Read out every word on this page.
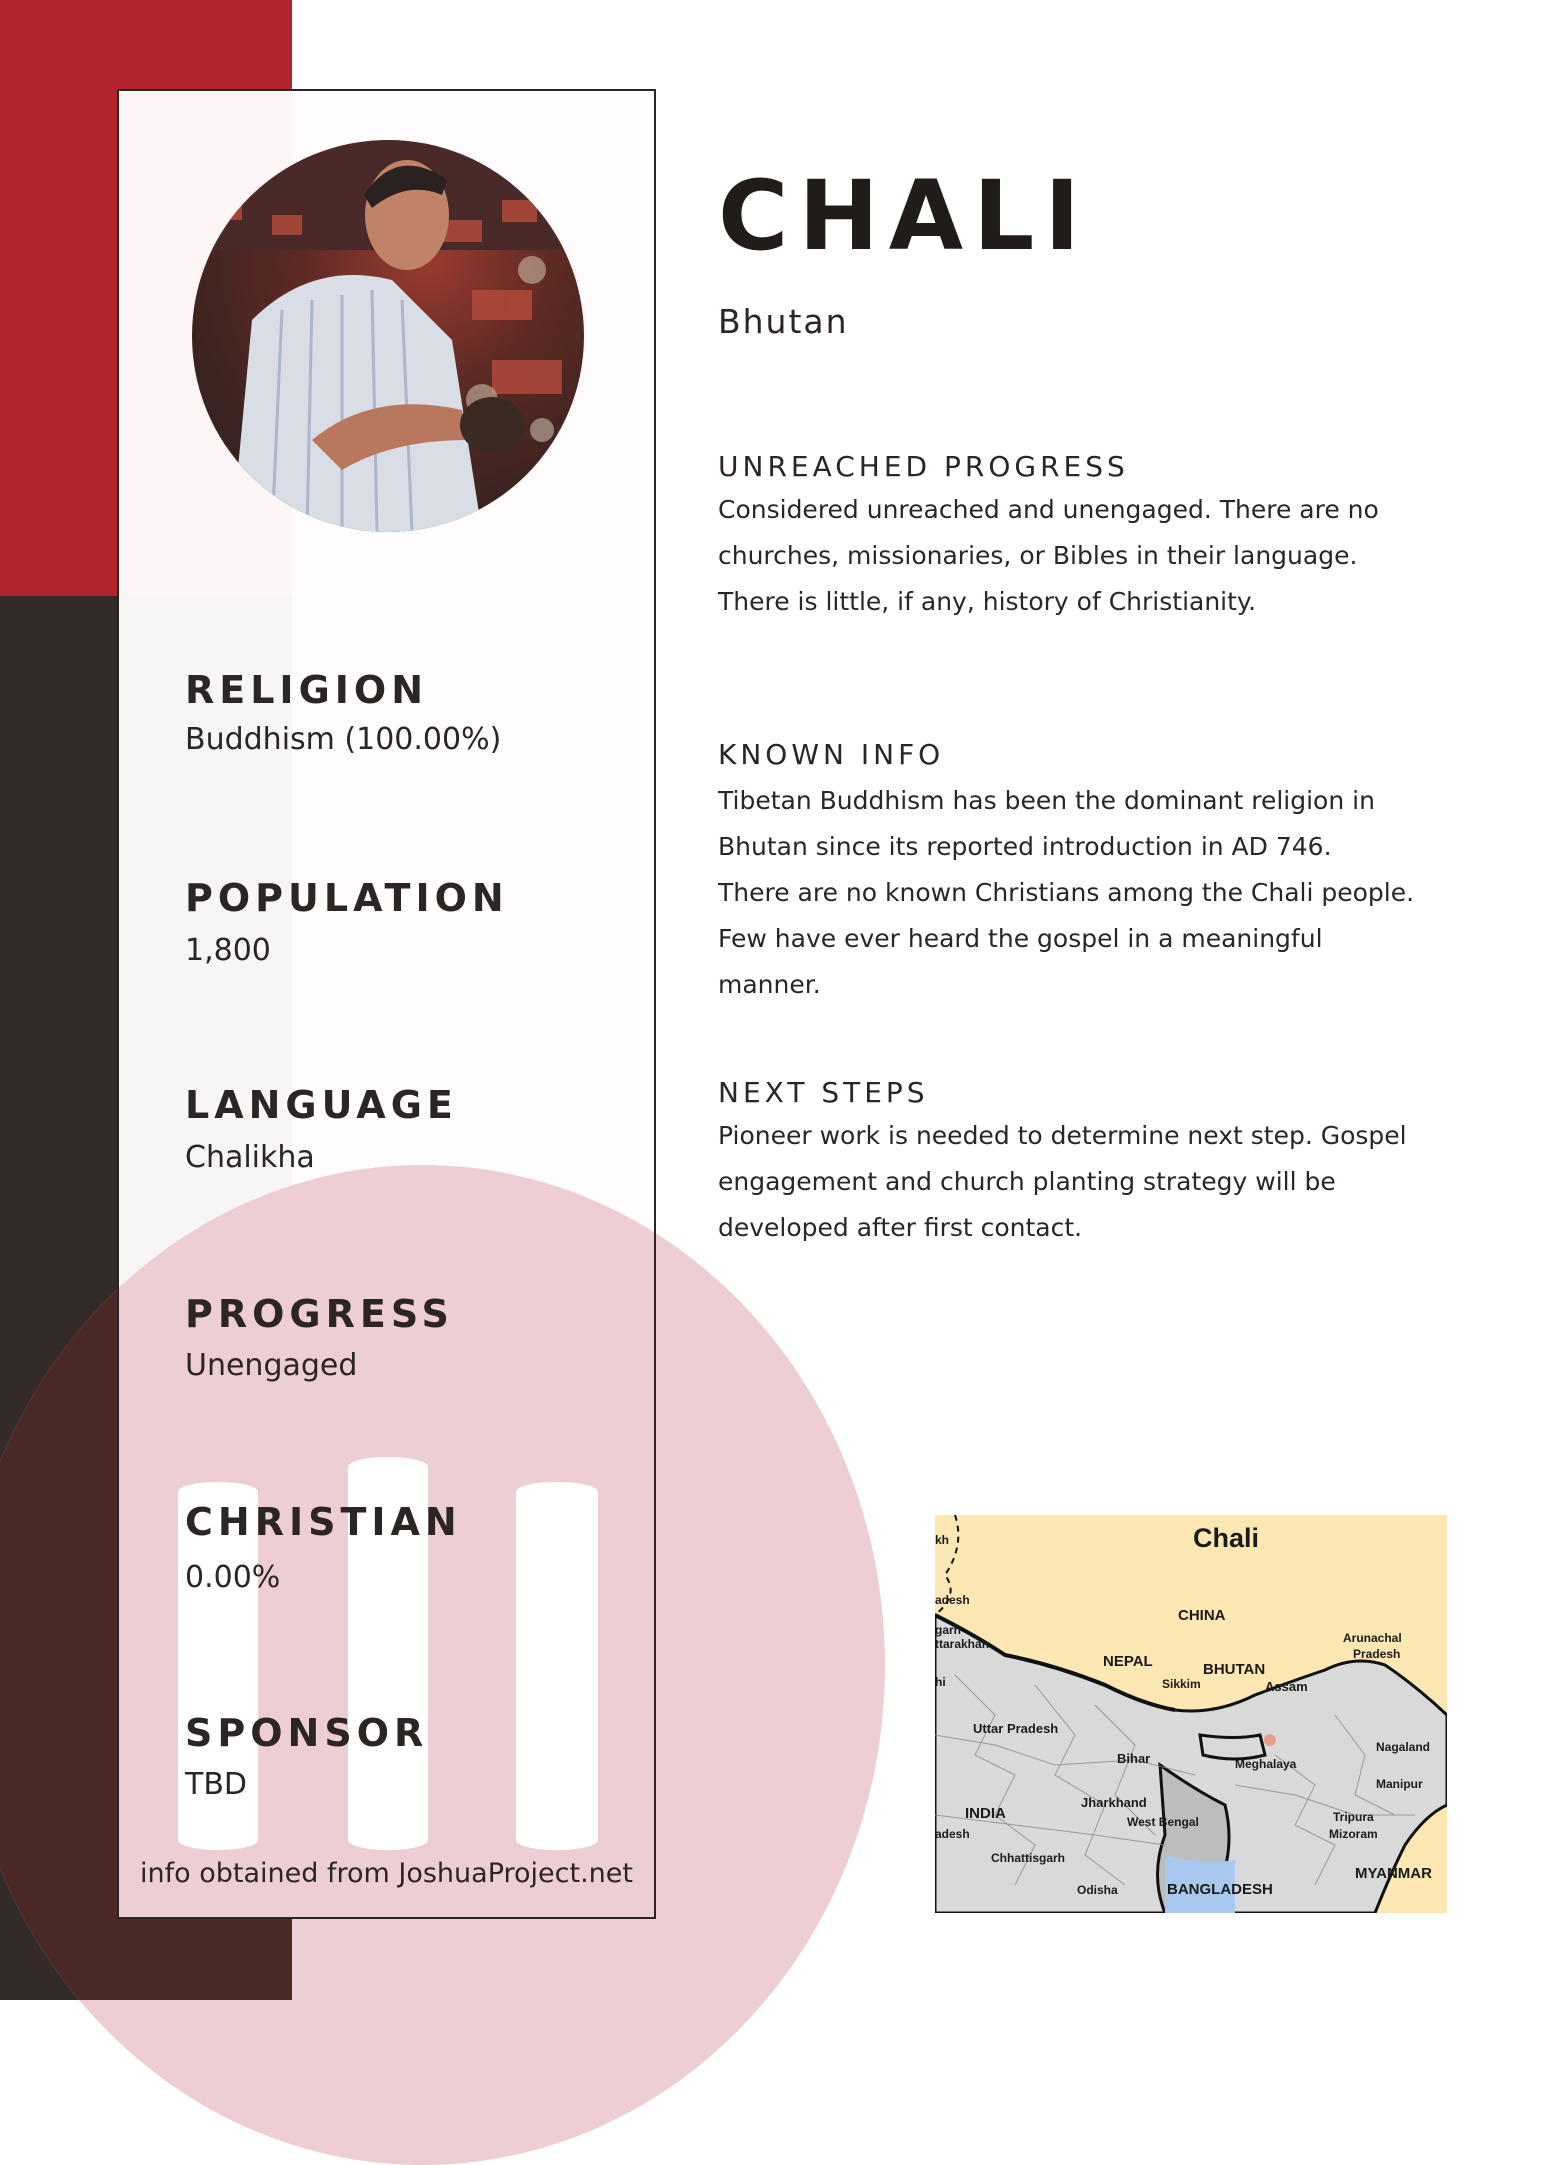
RELIGION
Buddhism (100.00%)
POPULATION
1,800
LANGUAGE
Chalikha
PROGRESS
Unengaged
CHRISTIAN
0.00%
SPONSOR
TBD
info obtained from JoshuaProject.net
CHALI
Bhutan
UNREACHED PROGRESS
Considered unreached and unengaged. There are no
churches, missionaries, or Bibles in their language.
There is little, if any, history of Christianity.
KNOWN INFO
Tibetan Buddhism has been the dominant religion in
Bhutan since its reported introduction in AD 746.
There are no known Christians among the Chali people.
Few have ever heard the gospel in a meaningful
manner.
NEXT STEPS
Pioneer work is needed to determine next step. Gospel
engagement and church planting strategy will be
developed after first contact.
Chali
CHINA
NEPAL	BHUTAN
Sikkim	Assam
Arunachal
Pradesh
Uttar Pradesh
Bihar	Meghalaya
Nagaland
Manipur
Jharkhand
West Bengal	Tripura
Mizoram
INDIA
Chhattisgarh
Odisha	BANGLADESH
MYANMAR
kh
adesh
garh
ttarakhan
hi
adesh
